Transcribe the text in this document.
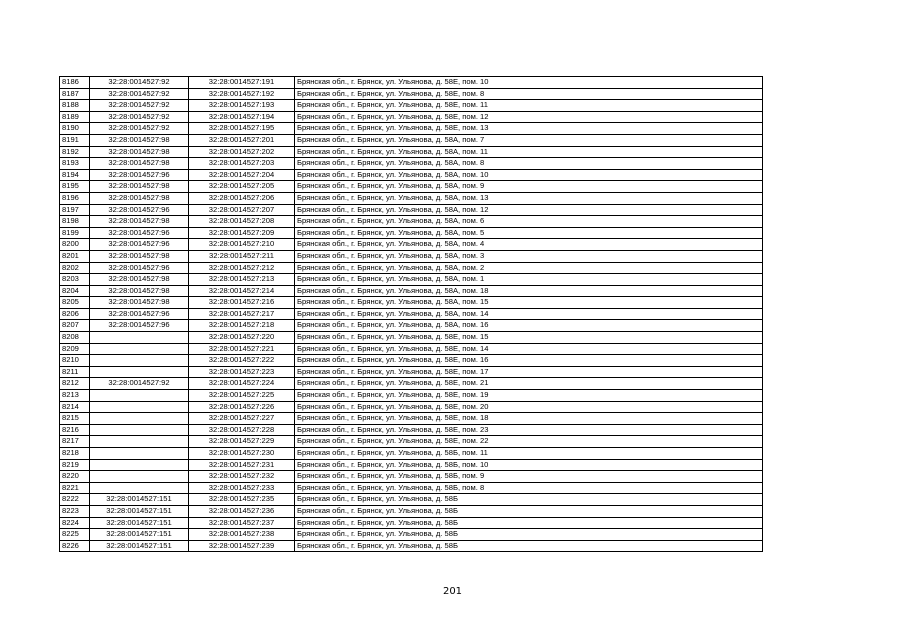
8186	32:28:0014527:92	32:28:0014527:191	Брянская обл., г. Брянск, ул. Ульянова, д. 58Е, пом. 10
8187	32:28:0014527:92	32:28:0014527:192	Брянская обл., г. Брянск, ул. Ульянова, д. 58Е, пом. 8
8188	32:28:0014527:92	32:28:0014527:193	Брянская обл., г. Брянск, ул. Ульянова, д. 58Е, пом. 11
8189	32:28:0014527:92	32:28:0014527:194	Брянская обл., г. Брянск, ул. Ульянова, д. 58Е, пом. 12
8190	32:28:0014527:92	32:28:0014527:195	Брянская обл., г. Брянск, ул. Ульянова, д. 58Е, пом. 13
8191	32:28:0014527:98	32:28:0014527:201	Брянская обл., г. Брянск, ул. Ульянова, д. 58А, пом. 7
8192	32:28:0014527:98	32:28:0014527:202	Брянская обл., г. Брянск, ул. Ульянова, д. 58А, пом. 11
8193	32:28:0014527:98	32:28:0014527:203	Брянская обл., г. Брянск, ул. Ульянова, д. 58А, пом. 8
8194	32:28:0014527:96	32:28:0014527:204	Брянская обл., г. Брянск, ул. Ульянова, д. 58А, пом. 10
8195	32:28:0014527:98	32:28:0014527:205	Брянская обл., г. Брянск, ул. Ульянова, д. 58А, пом. 9
8196	32:28:0014527:98	32:28:0014527:206	Брянская обл., г. Брянск, ул. Ульянова, д. 58А, пом. 13
8197	32:28:0014527:96	32:28:0014527:207	Брянская обл., г. Брянск, ул. Ульянова, д. 58А, пом. 12
8198	32:28:0014527:98	32:28:0014527:208	Брянская обл., г. Брянск, ул. Ульянова, д. 58А, пом. 6
8199	32:28:0014527:96	32:28:0014527:209	Брянская обл., г. Брянск, ул. Ульянова, д. 58А, пом. 5
8200	32:28:0014527:96	32:28:0014527:210	Брянская обл., г. Брянск, ул. Ульянова, д. 58А, пом. 4
8201	32:28:0014527:98	32:28:0014527:211	Брянская обл., г. Брянск, ул. Ульянова, д. 58А, пом. 3
8202	32:28:0014527:96	32:28:0014527:212	Брянская обл., г. Брянск, ул. Ульянова, д. 58А, пом. 2
8203	32:28:0014527:98	32:28:0014527:213	Брянская обл., г. Брянск, ул. Ульянова, д. 58А, пом. 1
8204	32:28:0014527:98	32:28:0014527:214	Брянская обл., г. Брянск, ул. Ульянова, д. 58А, пом. 18
8205	32:28:0014527:98	32:28:0014527:216	Брянская обл., г. Брянск, ул. Ульянова, д. 58А, пом. 15
8206	32:28:0014527:96	32:28:0014527:217	Брянская обл., г. Брянск, ул. Ульянова, д. 58А, пом. 14
8207	32:28:0014527:96	32:28:0014527:218	Брянская обл., г. Брянск, ул. Ульянова, д. 58А, пом. 16
8208		32:28:0014527:220	Брянская обл., г. Брянск, ул. Ульянова, д. 58Е, пом. 15
8209		32:28:0014527:221	Брянская обл., г. Брянск, ул. Ульянова, д. 58Е, пом. 14
8210		32:28:0014527:222	Брянская обл., г. Брянск, ул. Ульянова, д. 58Е, пом. 16
8211		32:28:0014527:223	Брянская обл., г. Брянск, ул. Ульянова, д. 58Е, пом. 17
8212	32:28:0014527:92	32:28:0014527:224	Брянская обл., г. Брянск, ул. Ульянова, д. 58Е, пом. 21
8213		32:28:0014527:225	Брянская обл., г. Брянск, ул. Ульянова, д. 58Е, пом. 19
8214		32:28:0014527:226	Брянская обл., г. Брянск, ул. Ульянова, д. 58Е, пом. 20
8215		32:28:0014527:227	Брянская обл., г. Брянск, ул. Ульянова, д. 58Е, пом. 18
8216		32:28:0014527:228	Брянская обл., г. Брянск, ул. Ульянова, д. 58Е, пом. 23
8217		32:28:0014527:229	Брянская обл., г. Брянск, ул. Ульянова, д. 58Е, пом. 22
8218		32:28:0014527:230	Брянская обл., г. Брянск, ул. Ульянова, д. 58Б, пом. 11
8219		32:28:0014527:231	Брянская обл., г. Брянск, ул. Ульянова, д. 58Б, пом. 10
8220		32:28:0014527:232	Брянская обл., г. Брянск, ул. Ульянова, д. 58Б, пом. 9
8221		32:28:0014527:233	Брянская обл., г. Брянск, ул. Ульянова, д. 58Б, пом. 8
8222	32:28:0014527:151	32:28:0014527:235	Брянская обл., г. Брянск, ул. Ульянова, д. 58Б
8223	32:28:0014527:151	32:28:0014527:236	Брянская обл., г. Брянск, ул. Ульянова, д. 58Б
8224	32:28:0014527:151	32:28:0014527:237	Брянская обл., г. Брянск, ул. Ульянова, д. 58Б
8225	32:28:0014527:151	32:28:0014527:238	Брянская обл., г. Брянск, ул. Ульянова, д. 58Б
8226	32:28:0014527:151	32:28:0014527:239	Брянская обл., г. Брянск, ул. Ульянова, д. 58Б
201
